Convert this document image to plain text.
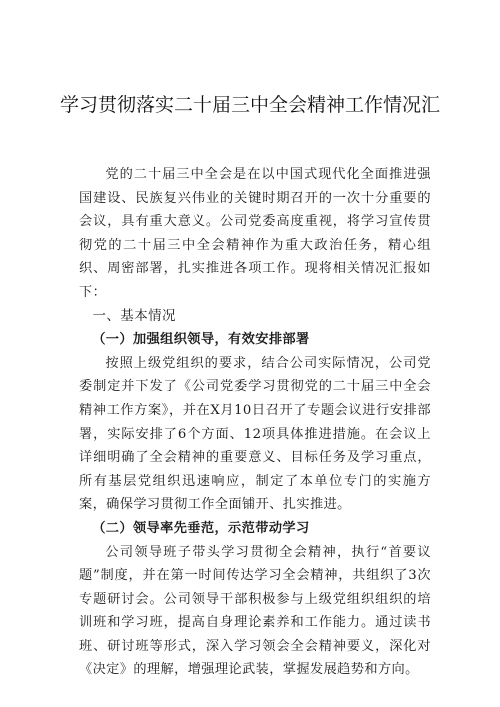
学习贯彻落实二十届三中全会精神工作情况汇

党的二十届三中全会是在以中国式现代化全面推进强国建设、民族复兴伟业的关键时期召开的一次十分重要的会议，具有重大意义。公司党委高度重视，将学习宣传贯彻党的二十届三中全会精神作为重大政治任务，精心组织、周密部署，扎实推进各项工作。现将相关情况汇报如下：

一、基本情况

（一）加强组织领导，有效安排部署

按照上级党组织的要求，结合公司实际情况，公司党委制定并下发了《公司党委学习贯彻党的二十届三中全会精神工作方案》，并在X月10日召开了专题会议进行安排部署，实际安排了6个方面、12项具体推进措施。在会议上详细明确了全会精神的重要意义、目标任务及学习重点，所有基层党组织迅速响应，制定了本单位专门的实施方案，确保学习贯彻工作全面铺开、扎实推进。

（二）领导率先垂范，示范带动学习

公司领导班子带头学习贯彻全会精神，执行“首要议题”制度，并在第一时间传达学习全会精神，共组织了3次专题研讨会。公司领导干部积极参与上级党组织组织的培训班和学习班，提高自身理论素养和工作能力。通过读书班、研讨班等形式，深入学习领会全会精神要义，深化对《决定》的理解，增强理论武装，掌握发展趋势和方向。
